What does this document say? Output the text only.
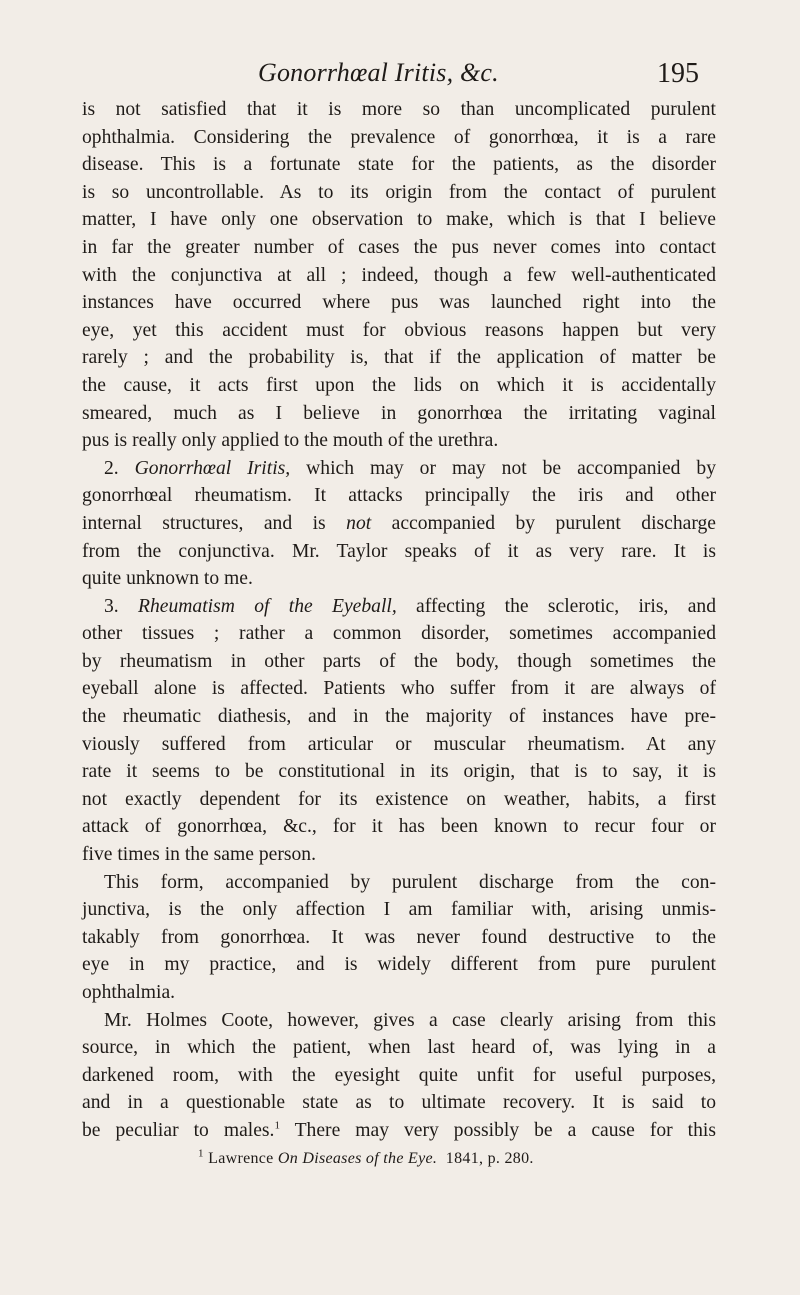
Gonorrhœal Iritis, &c.	195
is not satisfied that it is more so than uncomplicated purulent
ophthalmia. Considering the prevalence of gonorrhœa, it is a rare
disease. This is a fortunate state for the patients, as the disorder
is so uncontrollable. As to its origin from the contact of purulent
matter, I have only one observation to make, which is that I believe
in far the greater number of cases the pus never comes into contact
with the conjunctiva at all ; indeed, though a few well-authenticated
instances have occurred where pus was launched right into the
eye, yet this accident must for obvious reasons happen but very
rarely ; and the probability is, that if the application of matter be
the cause, it acts first upon the lids on which it is accidentally
smeared, much as I believe in gonorrhœa the irritating vaginal
pus is really only applied to the mouth of the urethra.
2. Gonorrhœal Iritis, which may or may not be accompanied by
gonorrhœal rheumatism. It attacks principally the iris and other
internal structures, and is not accompanied by purulent discharge
from the conjunctiva. Mr. Taylor speaks of it as very rare. It is
quite unknown to me.
3. Rheumatism of the Eyeball, affecting the sclerotic, iris, and
other tissues ; rather a common disorder, sometimes accompanied
by rheumatism in other parts of the body, though sometimes the
eyeball alone is affected. Patients who suffer from it are always of
the rheumatic diathesis, and in the majority of instances have pre-
viously suffered from articular or muscular rheumatism. At any
rate it seems to be constitutional in its origin, that is to say, it is
not exactly dependent for its existence on weather, habits, a first
attack of gonorrhœa, &c., for it has been known to recur four or
five times in the same person.
This form, accompanied by purulent discharge from the con-
junctiva, is the only affection I am familiar with, arising unmis-
takably from gonorrhœa. It was never found destructive to the
eye in my practice, and is widely different from pure purulent
ophthalmia.
Mr. Holmes Coote, however, gives a case clearly arising from this
source, in which the patient, when last heard of, was lying in a
darkened room, with the eyesight quite unfit for useful purposes,
and in a questionable state as to ultimate recovery. It is said to
be peculiar to males.$^1$ There may very possibly be a cause for this
$^1$ Lawrence On Diseases of the Eye.  1841, p. 280.
